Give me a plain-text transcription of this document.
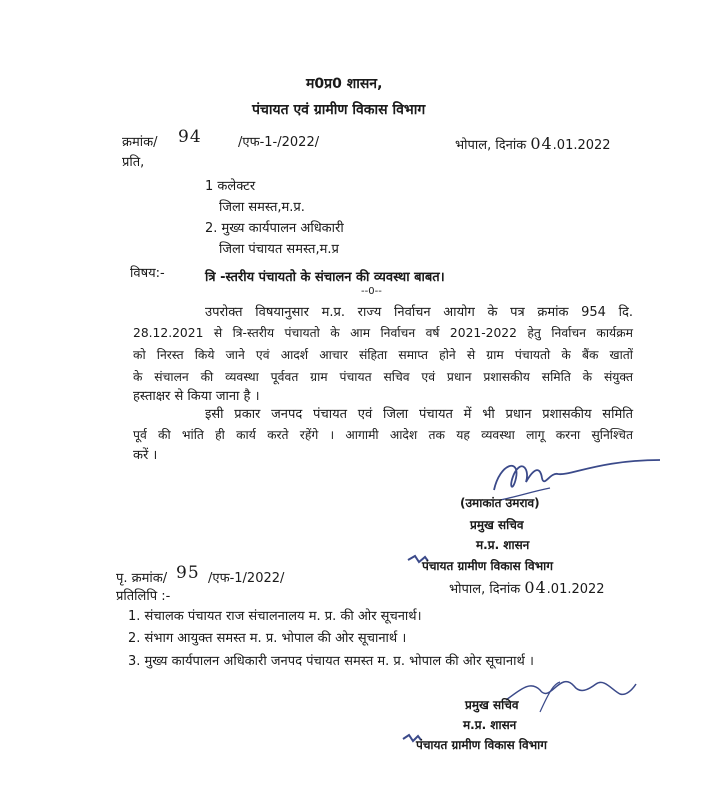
म0प्र0 शासन,
पंचायत एवं ग्रामीण विकास विभाग
क्रमांक/ 94	/एफ-1-/2022/	भोपाल, दिनांक 04.01.2022
प्रति,
1 कलेक्टर
जिला समस्त,म.प्र.
2. मुख्य कार्यपालन अधिकारी
जिला पंचायत समस्त,म.प्र
विषय:-	त्रि -स्तरीय पंचायतो के संचालन की व्यवस्था बाबत।
--0--
उपरोक्त विषयानुसार म.प्र. राज्य निर्वाचन आयोग के पत्र क्रमांक 954 दि.
28.12.2021 से त्रि-स्तरीय पंचायतो के आम निर्वाचन वर्ष 2021-2022 हेतु निर्वाचन कार्यक्रम
को निरस्त किये जाने एवं आदर्श आचार संहिता समाप्त होने से ग्राम पंचायतो के बैंक खातों
के संचालन की व्यवस्था पूर्ववत ग्राम पंचायत सचिव एवं प्रधान प्रशासकीय समिति के संयुक्त
हस्ताक्षर से किया जाना है ।
इसी प्रकार जनपद पंचायत एवं जिला पंचायत में भी प्रधान प्रशासकीय समिति
पूर्व की भांति ही कार्य करते रहेंगे । आगामी आदेश तक यह व्यवस्था लागू करना सुनिश्चित
करें ।
(उमाकांत उमराव)
प्रमुख सचिव
म.प्र. शासन
पंचायत ग्रामीण विकास विभाग
पृ. क्रमांक/ 95 /एफ-1/2022/
भोपाल, दिनांक 04.01.2022
प्रतिलिपि :-
1. संचालक पंचायत राज संचालनालय म. प्र. की ओर सूचनार्थ।
2. संभाग आयुक्त समस्त म. प्र. भोपाल की ओर सूचानार्थ ।
3. मुख्य कार्यपालन अधिकारी जनपद पंचायत समस्त म. प्र. भोपाल की ओर सूचानार्थ ।
प्रमुख सचिव
म.प्र. शासन
पंचायत ग्रामीण विकास विभाग
